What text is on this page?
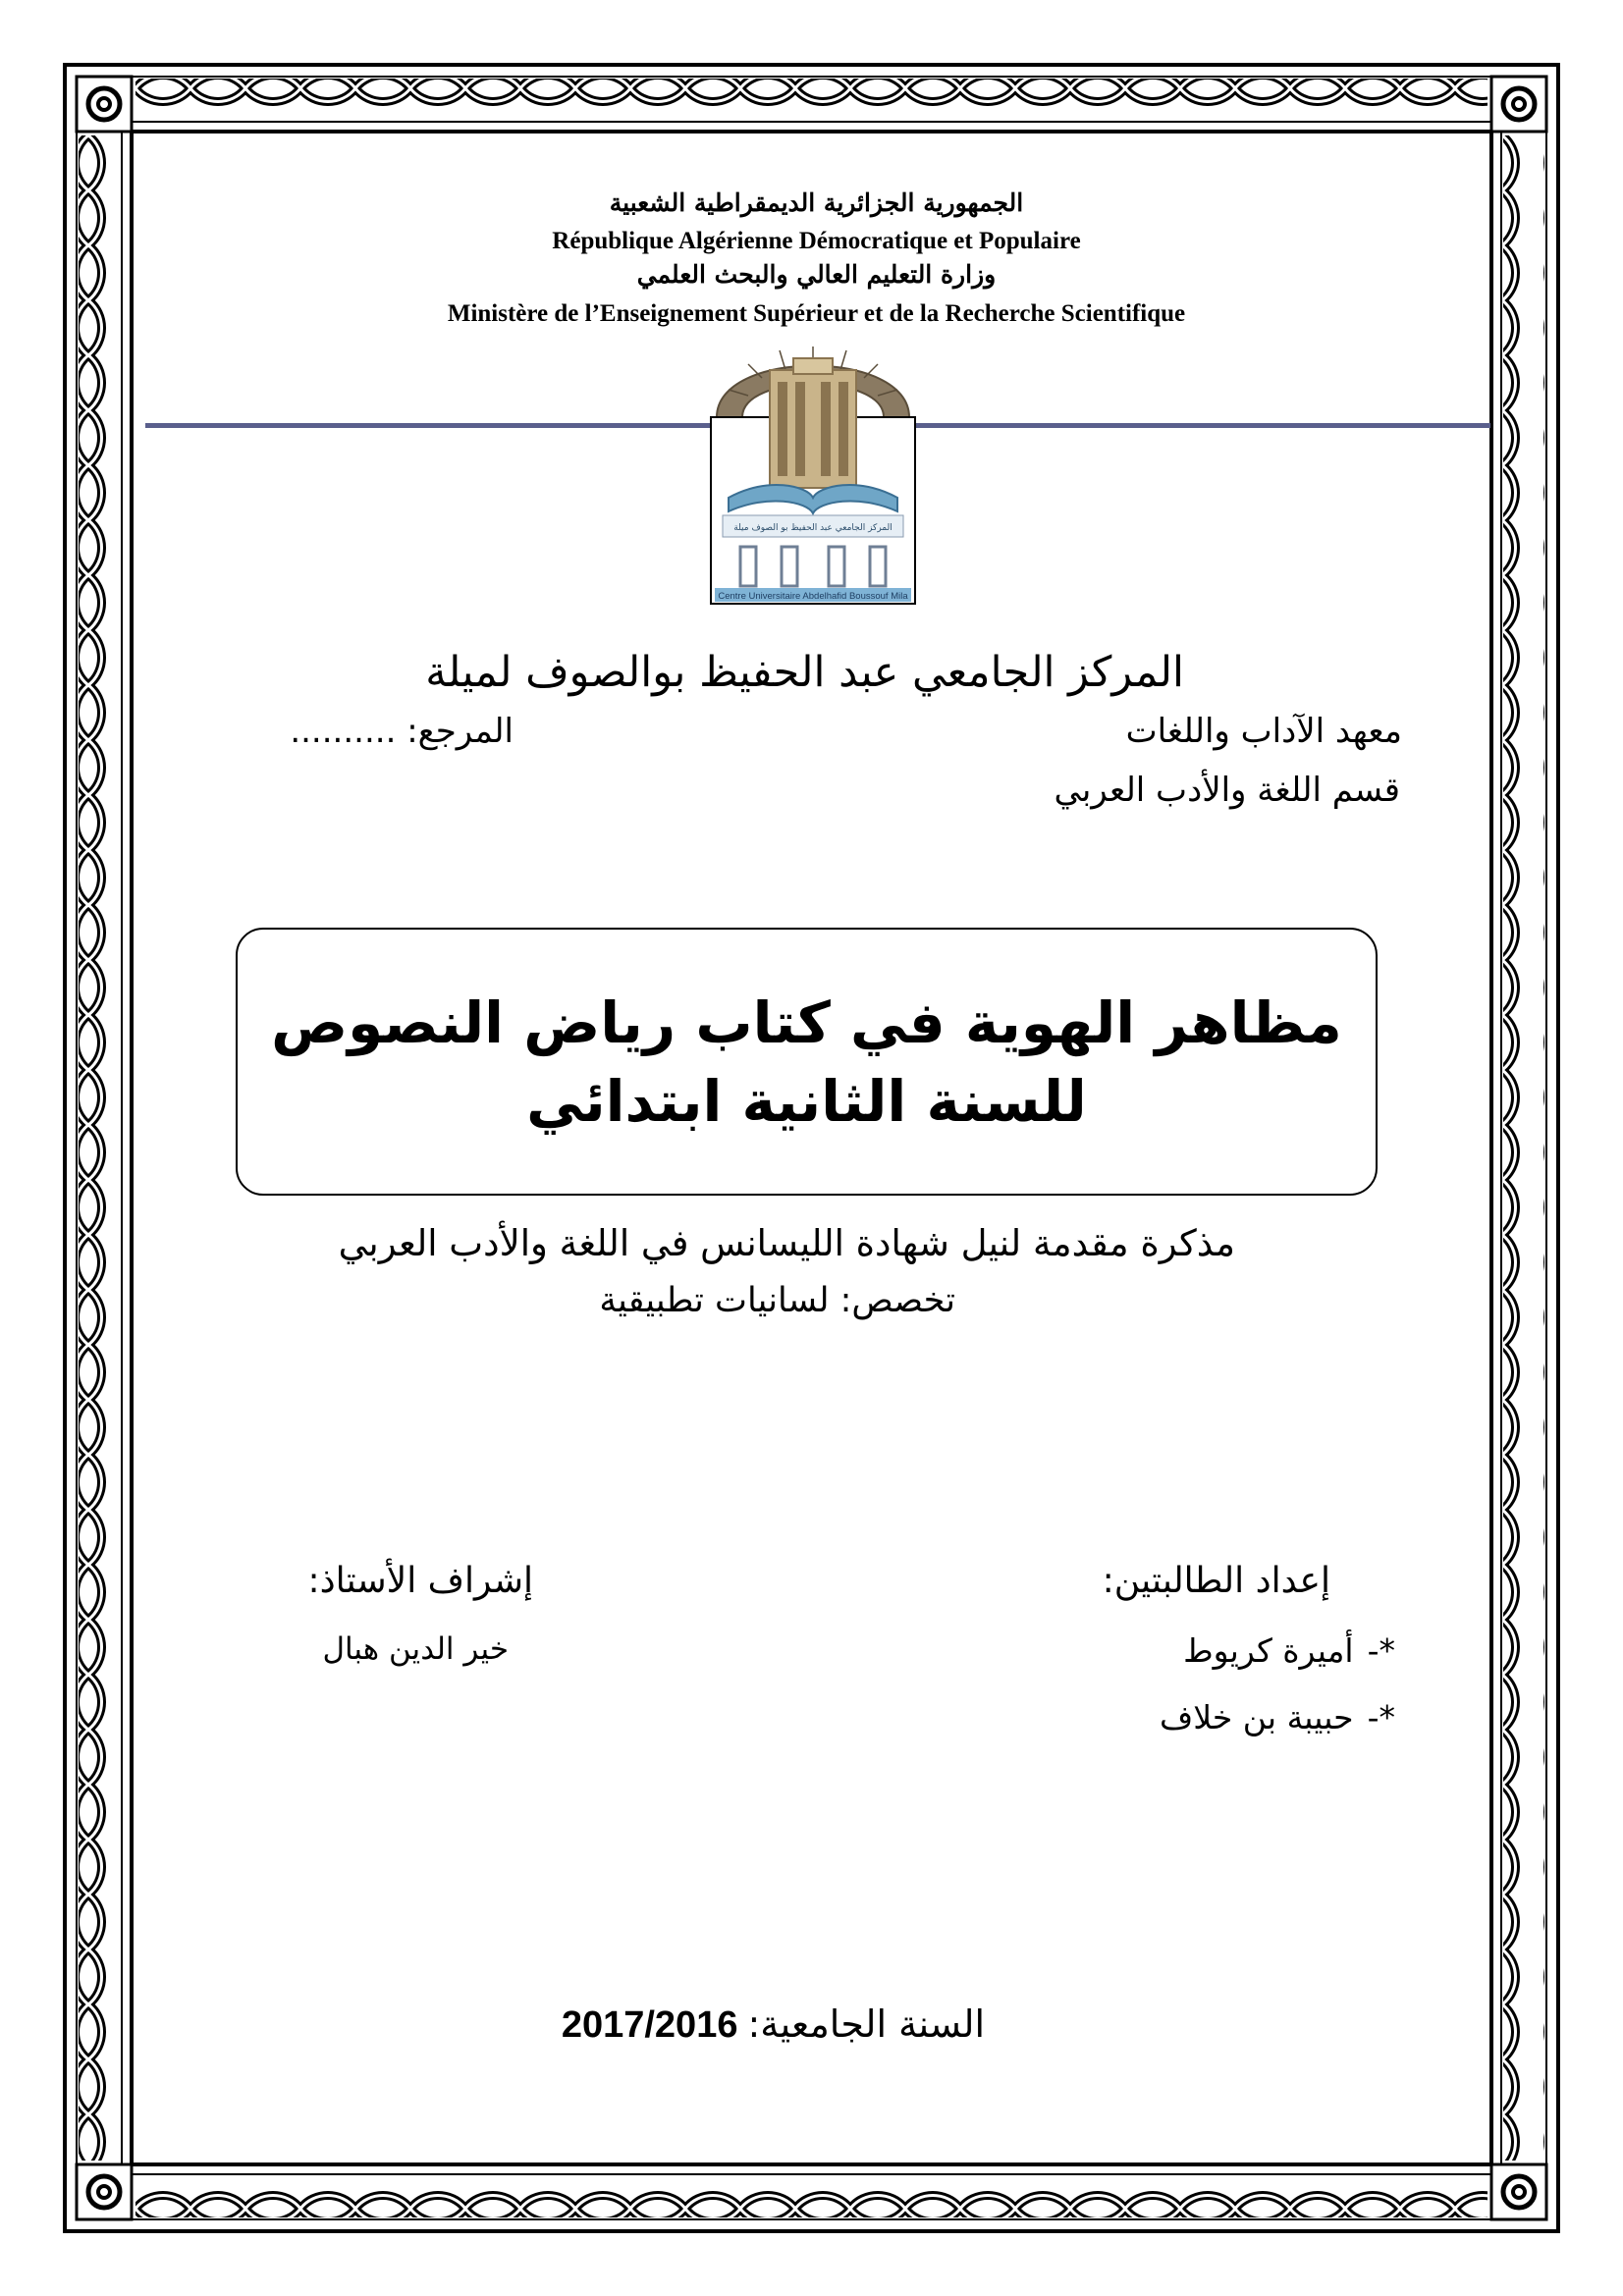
الجمهورية الجزائرية الديمقراطية الشعبية
République Algérienne Démocratique et Populaire
وزارة التعليم العالي والبحث العلمي
Ministère de l’Enseignement Supérieur et de la Recherche Scientifique
المركز الجامعي عبد الحفيظ بو الصوف ميلة
Centre Universitaire Abdelhafid Boussouf Mila
المركز الجامعي عبد الحفيظ بوالصوف لميلة
معهد الآداب واللغات
المرجع: ..........
قسم اللغة والأدب العربي
مظاهر الهوية في كتاب رياض النصوص
للسنة الثانية ابتدائي
مذكرة مقدمة لنيل شهادة الليسانس في اللغة والأدب العربي
تخصص: لسانيات تطبيقية
إعداد الطالبتين:
*-
أميرة كريوط
*-
حبيبة بن خلاف
إشراف الأستاذ:
خير الدين هبال
السنة الجامعية:
2017/2016
